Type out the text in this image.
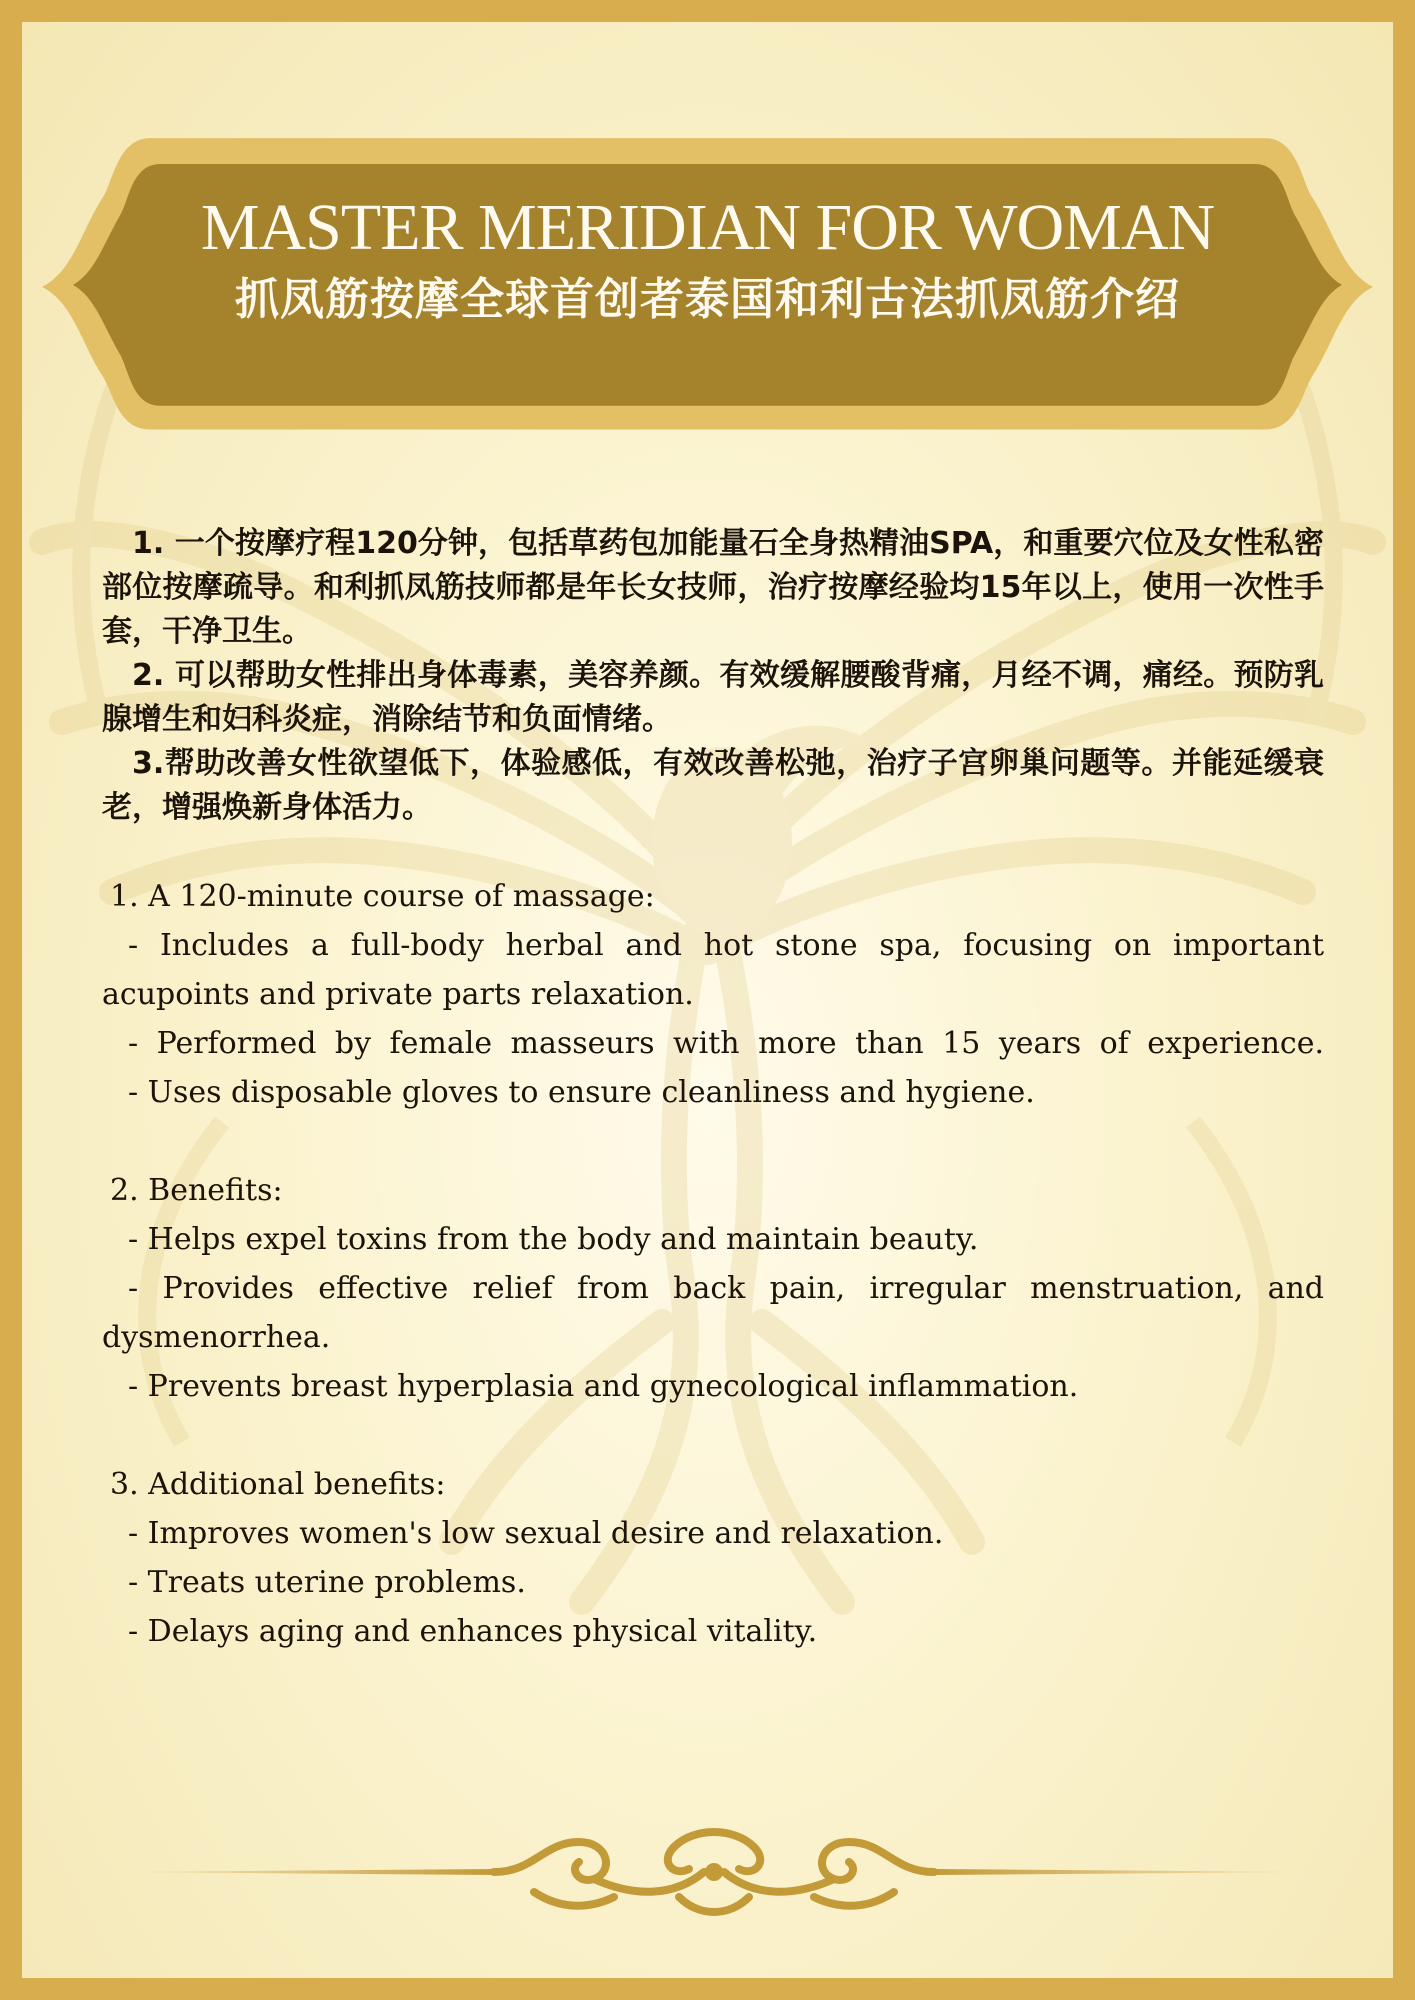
MASTER MERIDIAN FOR WOMAN
抓凤筋按摩全球首创者泰国和利古法抓凤筋介绍

1. 一个按摩疗程120分钟，包括草药包加能量石全身热精油SPA，和重要穴位及女性私密部位按摩疏导。和利抓凤筋技师都是年长女技师，治疗按摩经验均15年以上，使用一次性手套，干净卫生。

2. 可以帮助女性排出身体毒素，美容养颜。有效缓解腰酸背痛，月经不调，痛经。预防乳腺增生和妇科炎症，消除结节和负面情绪。

3.帮助改善女性欲望低下，体验感低，有效改善松弛，治疗子宫卵巢问题等。并能延缓衰老，增强焕新身体活力。

1. A 120-minute course of massage:

- Includes a full-body herbal and hot stone spa, focusing on important acupoints and private parts relaxation.

- Performed by female masseurs with more than 15 years of experience.

- Uses disposable gloves to ensure cleanliness and hygiene.

2. Benefits:

- Helps expel toxins from the body and maintain beauty.

- Provides effective relief from back pain, irregular menstruation, and dysmenorrhea.

- Prevents breast hyperplasia and gynecological inflammation.

3. Additional benefits:

- Improves women's low sexual desire and relaxation.

- Treats uterine problems.

- Delays aging and enhances physical vitality.
